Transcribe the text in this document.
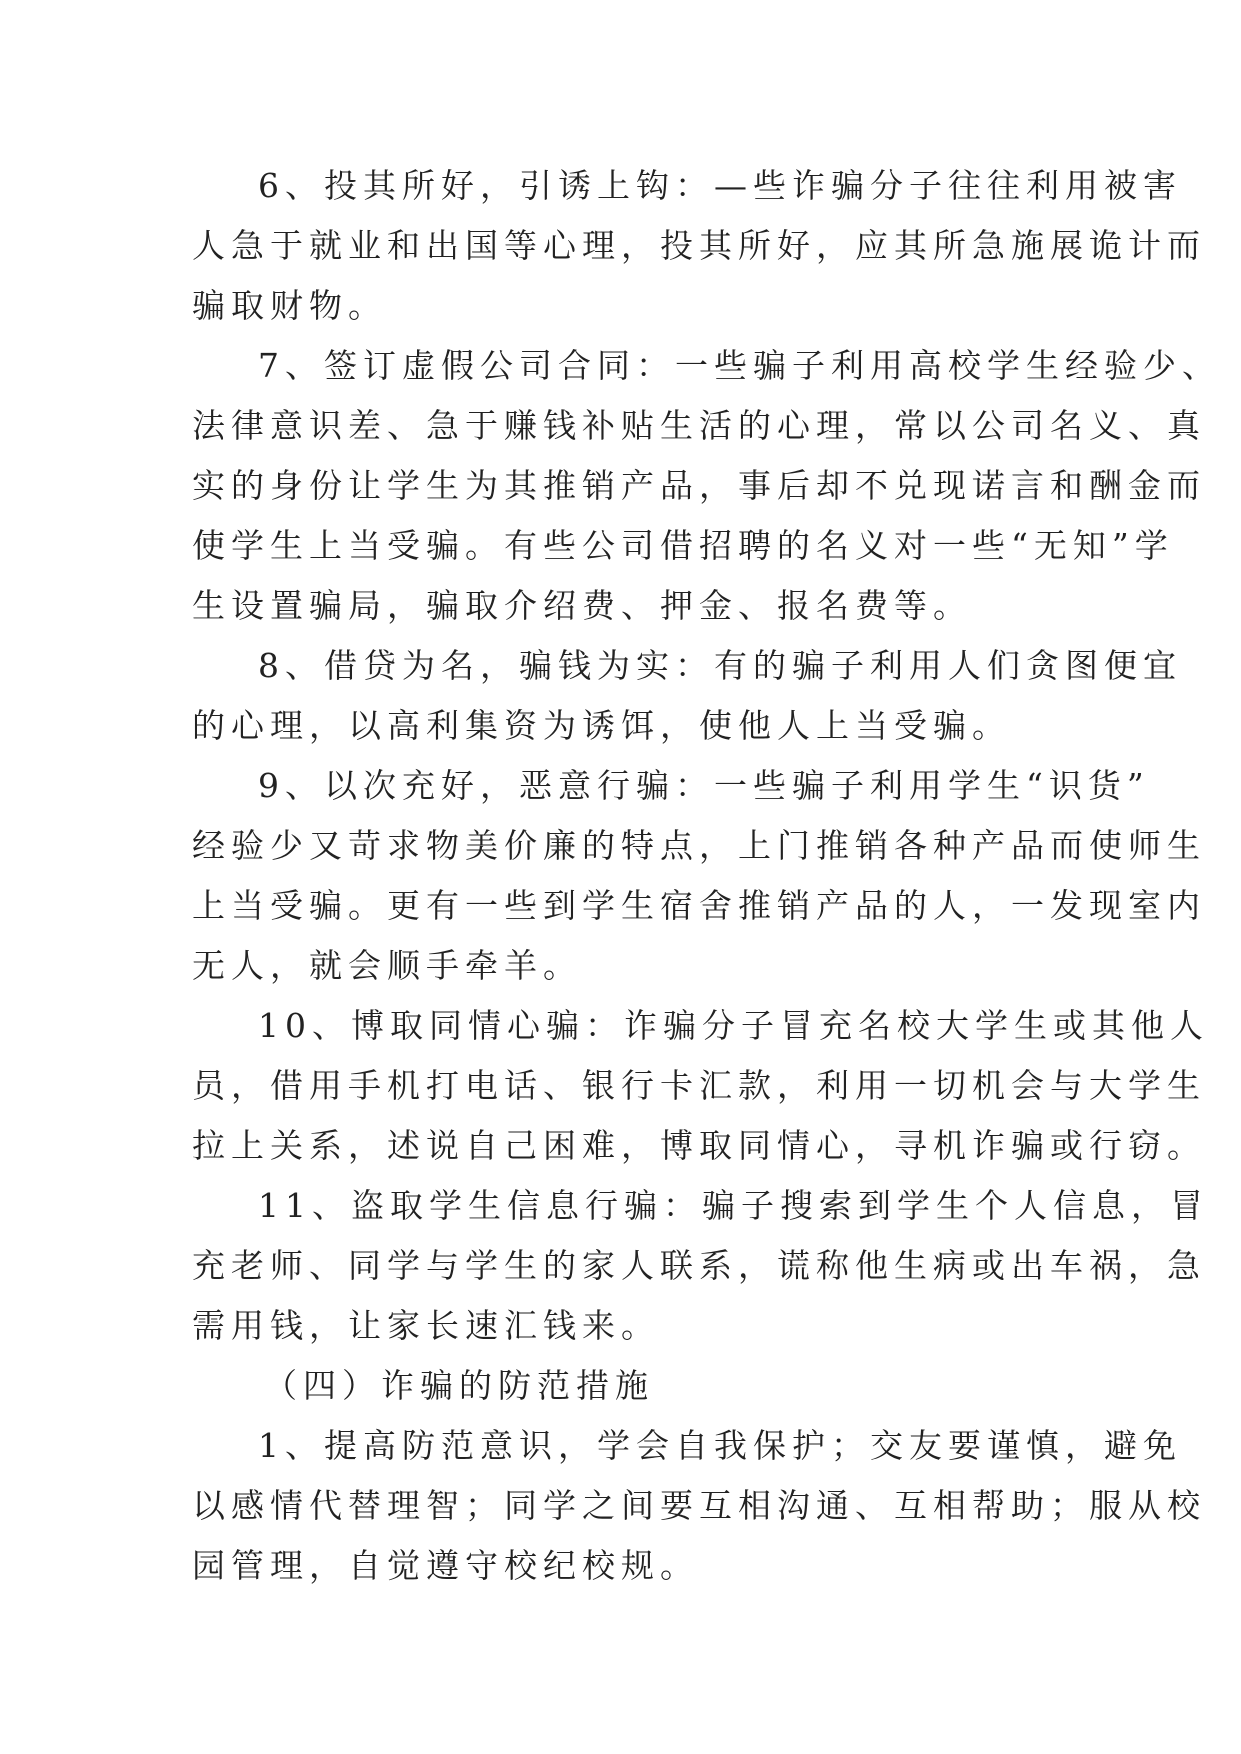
6、投其所好，引诱上钩：—些诈骗分子往往利用被害

人急于就业和出国等心理，投其所好，应其所急施展诡计而

骗取财物。

7、签订虚假公司合同：一些骗子利用高校学生经验少、

法律意识差、急于赚钱补贴生活的心理，常以公司名义、真

实的身份让学生为其推销产品，事后却不兑现诺言和酬金而

使学生上当受骗。有些公司借招聘的名义对一些“无知”学

生设置骗局，骗取介绍费、押金、报名费等。

8、借贷为名，骗钱为实：有的骗子利用人们贪图便宜

的心理，以高利集资为诱饵，使他人上当受骗。

9、以次充好，恶意行骗：一些骗子利用学生“识货”

经验少又苛求物美价廉的特点，上门推销各种产品而使师生

上当受骗。更有一些到学生宿舍推销产品的人，一发现室内

无人，就会顺手牵羊。

10、博取同情心骗：诈骗分子冒充名校大学生或其他人

员，借用手机打电话、银行卡汇款，利用一切机会与大学生

拉上关系，述说自己困难，博取同情心，寻机诈骗或行窃。

11、盗取学生信息行骗：骗子搜索到学生个人信息，冒

充老师、同学与学生的家人联系，谎称他生病或出车祸，急

需用钱，让家长速汇钱来。

（四）诈骗的防范措施

1、提高防范意识，学会自我保护；交友要谨慎，避免

以感情代替理智；同学之间要互相沟通、互相帮助；服从校

园管理，自觉遵守校纪校规。
